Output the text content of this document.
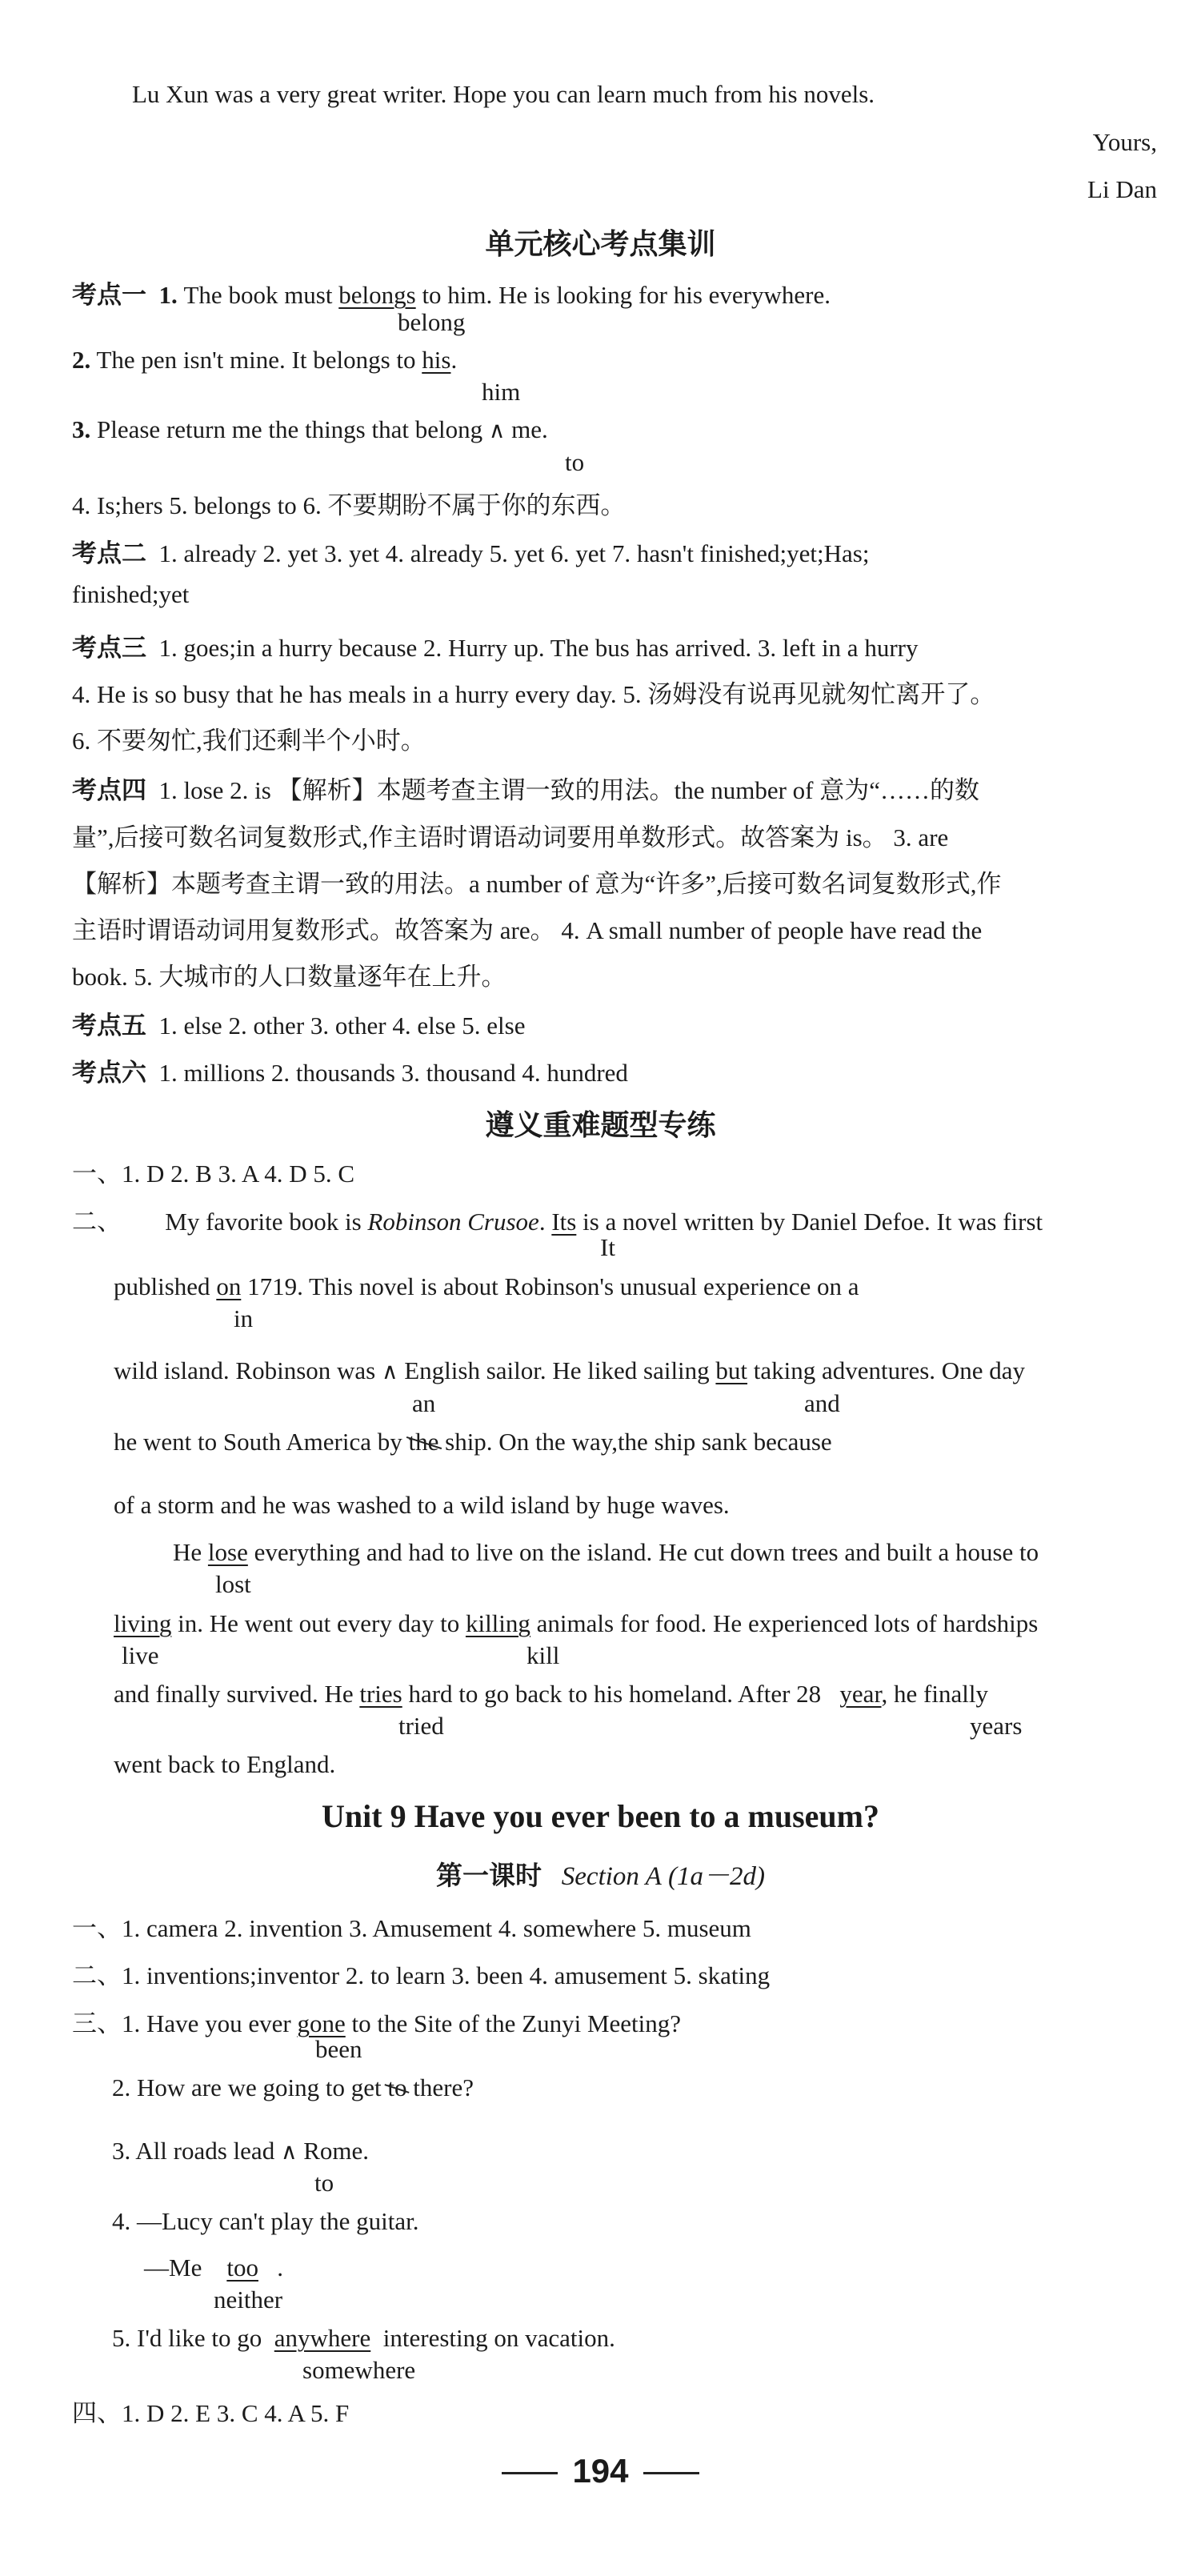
Lu Xun was a very great writer. Hope you can learn much from his novels.
Yours,
Li Dan
单元核心考点集训
考点一 1. The book must belongs to him. He is looking for his everywhere.
belong
2. The pen isn't mine. It belongs to his.
him
3. Please return me the things that belong ∧ me.
to
4. Is;hers 5. belongs to 6. 不要期盼不属于你的东西。
考点二 1. already 2. yet 3. yet 4. already 5. yet 6. yet 7. hasn't finished;yet;Has;
finished;yet
考点三 1. goes;in a hurry because 2. Hurry up. The bus has arrived. 3. left in a hurry
4. He is so busy that he has meals in a hurry every day. 5. 汤姆没有说再见就匆忙离开了。
6. 不要匆忙,我们还剩半个小时。
考点四 1. lose 2. is 【解析】本题考查主谓一致的用法。the number of 意为“……的数
量”,后接可数名词复数形式,作主语时谓语动词要用单数形式。故答案为 is。 3. are
【解析】本题考查主谓一致的用法。a number of 意为“许多”,后接可数名词复数形式,作
主语时谓语动词用复数形式。故答案为 are。 4. A small number of people have read the
book. 5. 大城市的人口数量逐年在上升。
考点五 1. else 2. other 3. other 4. else 5. else
考点六 1. millions 2. thousands 3. thousand 4. hundred
遵义重难题型专练
一、1. D 2. B 3. A 4. D 5. C
二、 My favorite book is Robinson Crusoe. Its is a novel written by Daniel Defoe. It was first
It
published on 1719. This novel is about Robinson's unusual experience on a
in
wild island. Robinson was ∧ English sailor. He liked sailing but taking adventures. One day
an	and
he went to South America by the ship. On the way,the ship sank because
of a storm and he was washed to a wild island by huge waves.
He lose everything and had to live on the island. He cut down trees and built a house to
lost
living in. He went out every day to killing animals for food. He experienced lots of hardships
live	kill
and finally survived. He tries hard to go back to his homeland. After 28 year, he finally
tried	years
went back to England.
Unit 9 Have you ever been to a museum?
第一课时 Section A (1a－2d)
一、1. camera 2. invention 3. Amusement 4. somewhere 5. museum
二、1. inventions;inventor 2. to learn 3. been 4. amusement 5. skating
三、1. Have you ever gone to the Site of the Zunyi Meeting?
been
2. How are we going to get to there?
3. All roads lead ∧ Rome.
to
4. —Lucy can't play the guitar.
—Me too .
neither
5. I'd like to go anywhere interesting on vacation.
somewhere
四、1. D 2. E 3. C 4. A 5. F
194
